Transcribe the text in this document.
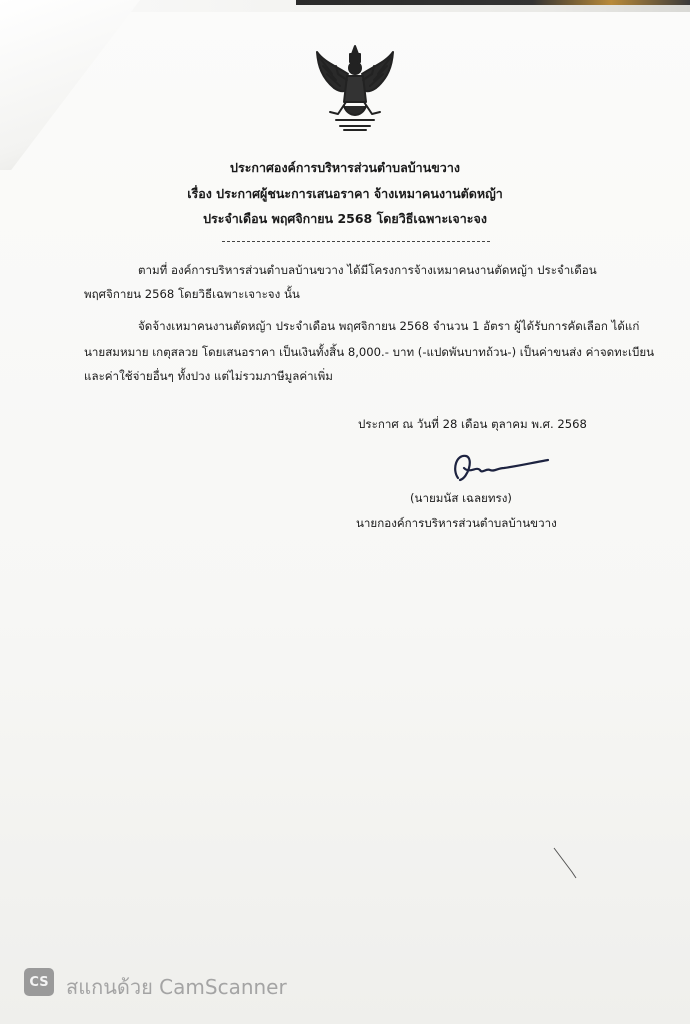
ประกาศองค์การบริหารส่วนตำบลบ้านขวาง
เรื่อง ประกาศผู้ชนะการเสนอราคา จ้างเหมาคนงานตัดหญ้า
ประจำเดือน พฤศจิกายน 2568 โดยวิธีเฉพาะเจาะจง
ตามที่ องค์การบริหารส่วนตำบลบ้านขวาง ได้มีโครงการจ้างเหมาคนงานตัดหญ้า ประจำเดือน
พฤศจิกายน 2568 โดยวิธีเฉพาะเจาะจง นั้น
จัดจ้างเหมาคนงานตัดหญ้า ประจำเดือน พฤศจิกายน 2568 จำนวน 1 อัตรา ผู้ได้รับการคัดเลือก ได้แก่
นายสมหมาย เกตุสลวย โดยเสนอราคา เป็นเงินทั้งสิ้น 8,000.- บาท (-แปดพันบาทถ้วน-) เป็นค่าขนส่ง ค่าจดทะเบียน
และค่าใช้จ่ายอื่นๆ ทั้งปวง แต่ไม่รวมภาษีมูลค่าเพิ่ม
ประกาศ ณ วันที่ 28 เดือน ตุลาคม พ.ศ. 2568
(นายมนัส เฉลยทรง)
นายกองค์การบริหารส่วนตำบลบ้านขวาง
CS สแกนด้วย CamScanner
